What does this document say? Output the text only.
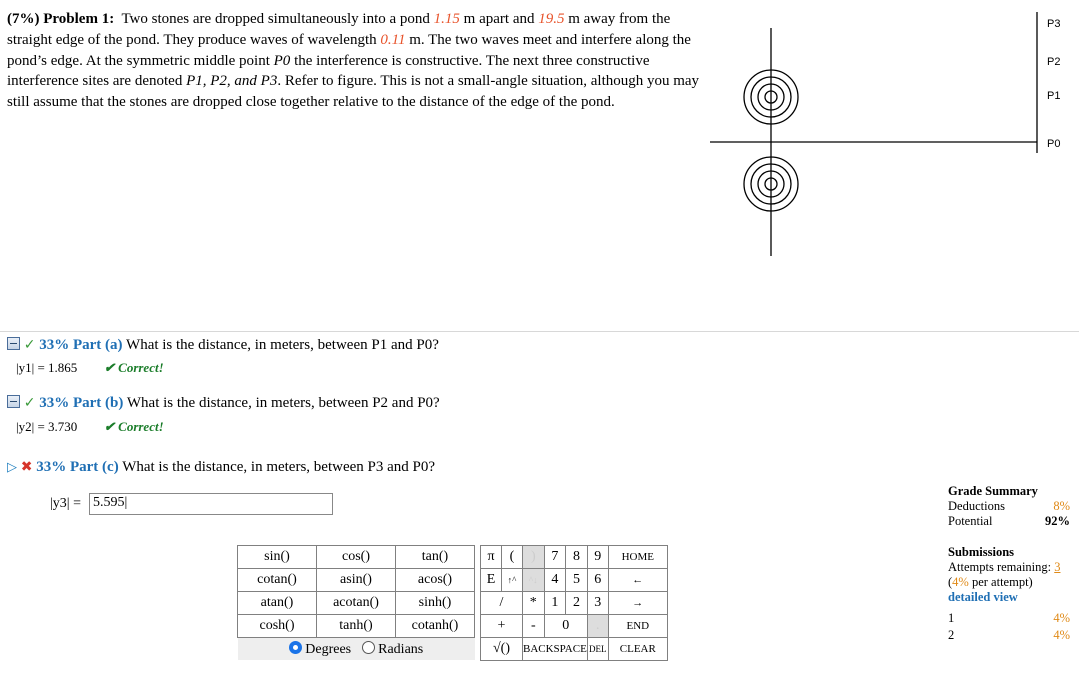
(7%) Problem 1: Two stones are dropped simultaneously into a pond 1.15 m apart and 19.5 m away from the straight edge of the pond. They produce waves of wavelength 0.11 m. The two waves meet and interfere along the pond’s edge. At the symmetric middle point P0 the interference is constructive. The next three constructive interference sites are denoted P1, P2, and P3. Refer to figure. This is not a small-angle situation, although you may still assume that the stones are dropped close together relative to the distance of the edge of the pond.
P3
P2
P1
P0
✓ 33% Part (a) What is the distance, in meters, between P1 and P0?
|y1| = 1.865 ✔ Correct!
✓ 33% Part (b) What is the distance, in meters, between P2 and P0?
|y2| = 3.730 ✔ Correct!
▷ ✖ 33% Part (c) What is the distance, in meters, between P3 and P0?
|y3| = 5.595|
sin()	cos()	tan()
cotan()	asin()	acos()
atan()	acotan()	sinh()
cosh()	tanh()	cotanh()
Degrees Radians		
π	(	)	7	8	9	HOME
E	↑^	^↓	4	5	6	←
/		*	1	2	3	→
+		-	0		.	END
√()		BACKSPACE			DEL	CLEAR
Grade Summary
Deductions	8%
Potential	92%
Submissions
Attempts remaining: 3
(4% per attempt)
detailed view
1	4%
2	4%
